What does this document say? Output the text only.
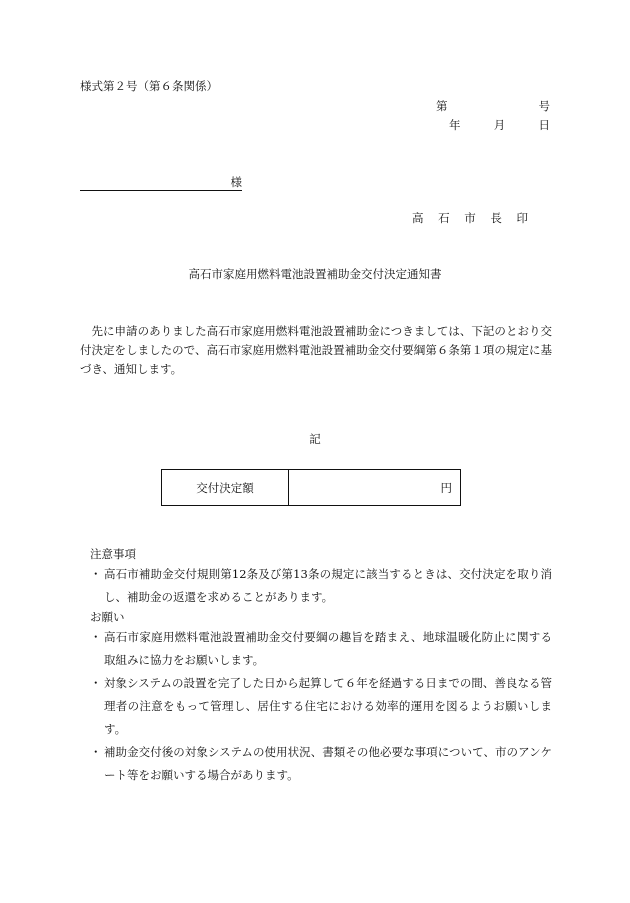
様式第２号（第６条関係）
第	号
年	月	日
様
高 石 市 長 印
高石市家庭用燃料電池設置補助金交付決定通知書
先に申請のありました高石市家庭用燃料電池設置補助金につきましては、下記のとおり交付決定をしましたので、高石市家庭用燃料電池設置補助金交付要綱第６条第１項の規定に基づき、通知します。
記
交付決定額	円

注意事項

・ 高石市補助金交付規則第12条及び第13条の規定に該当するときは、交付決定を取り消し、補助金の返還を求めることがあります。

お願い

・ 高石市家庭用燃料電池設置補助金交付要綱の趣旨を踏まえ、地球温暖化防止に関する取組みに協力をお願いします。

・ 対象システムの設置を完了した日から起算して６年を経過する日までの間、善良なる管理者の注意をもって管理し、居住する住宅における効率的運用を図るようお願いします。

・ 補助金交付後の対象システムの使用状況、書類その他必要な事項について、市のアンケート等をお願いする場合があります。
